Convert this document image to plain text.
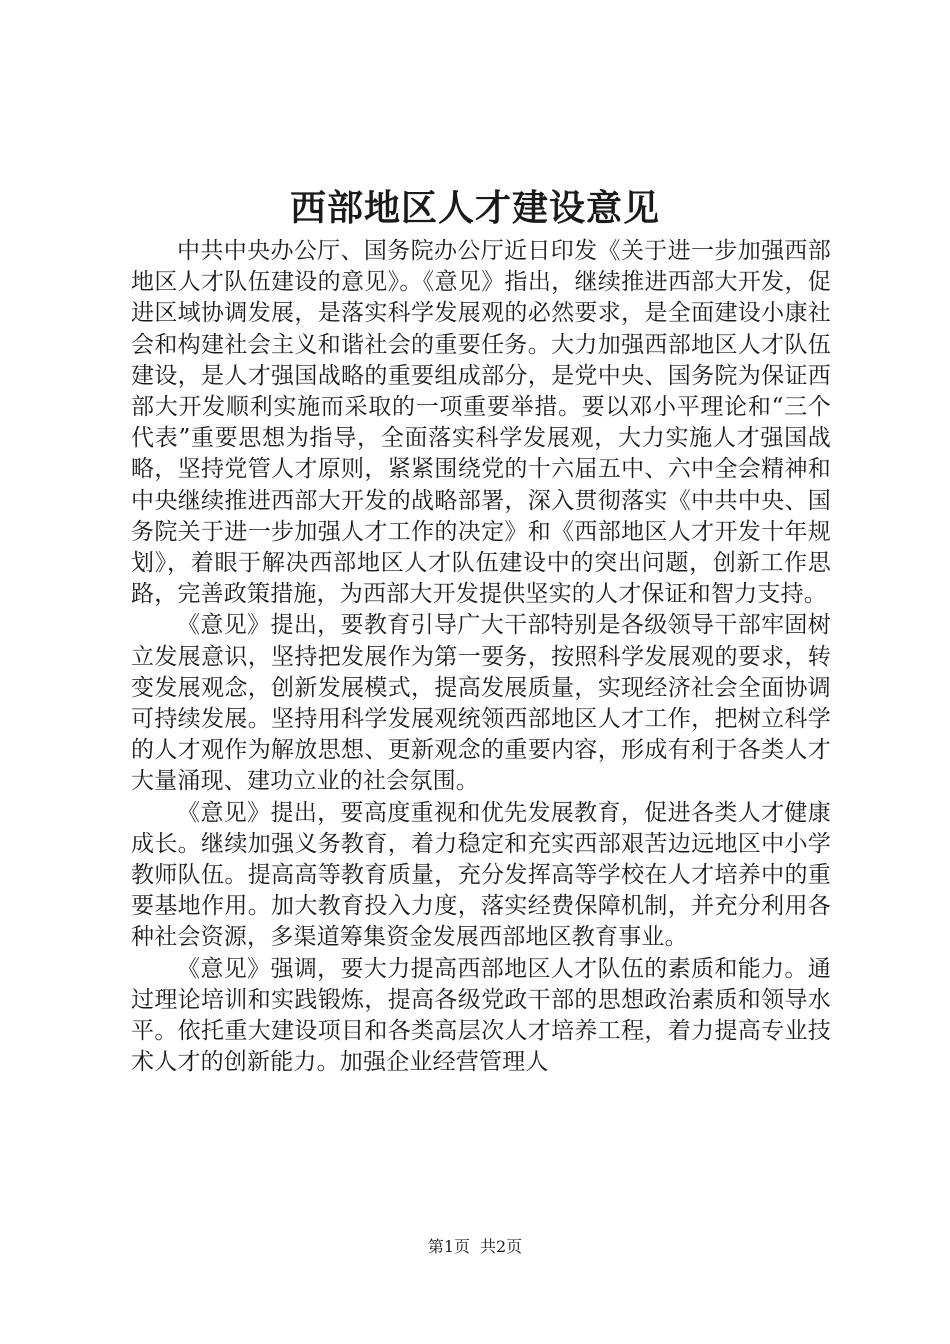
西部地区人才建设意见

中共中央办公厅、国务院办公厅近日印发《关于进一步加强西部地区人才队伍建设的意见》。《意见》指出，继续推进西部大开发，促进区域协调发展，是落实科学发展观的必然要求，是全面建设小康社会和构建社会主义和谐社会的重要任务。大力加强西部地区人才队伍建设，是人才强国战略的重要组成部分，是党中央、国务院为保证西部大开发顺利实施而采取的一项重要举措。要以邓小平理论和“三个代表”重要思想为指导，全面落实科学发展观，大力实施人才强国战略，坚持党管人才原则，紧紧围绕党的十六届五中、六中全会精神和中央继续推进西部大开发的战略部署，深入贯彻落实《中共中央、国务院关于进一步加强人才工作的决定》和《西部地区人才开发十年规划》，着眼于解决西部地区人才队伍建设中的突出问题，创新工作思路，完善政策措施，为西部大开发提供坚实的人才保证和智力支持。

《意见》提出，要教育引导广大干部特别是各级领导干部牢固树立发展意识，坚持把发展作为第一要务，按照科学发展观的要求，转变发展观念，创新发展模式，提高发展质量，实现经济社会全面协调可持续发展。坚持用科学发展观统领西部地区人才工作，把树立科学的人才观作为解放思想、更新观念的重要内容，形成有利于各类人才大量涌现、建功立业的社会氛围。

《意见》提出，要高度重视和优先发展教育，促进各类人才健康成长。继续加强义务教育，着力稳定和充实西部艰苦边远地区中小学教师队伍。提高高等教育质量，充分发挥高等学校在人才培养中的重要基地作用。加大教育投入力度，落实经费保障机制，并充分利用各种社会资源，多渠道筹集资金发展西部地区教育事业。

《意见》强调，要大力提高西部地区人才队伍的素质和能力。通过理论培训和实践锻炼，提高各级党政干部的思想政治素质和领导水平。依托重大建设项目和各类高层次人才培养工程，着力提高专业技术人才的创新能力。加强企业经营管理人

第1页 共2页
